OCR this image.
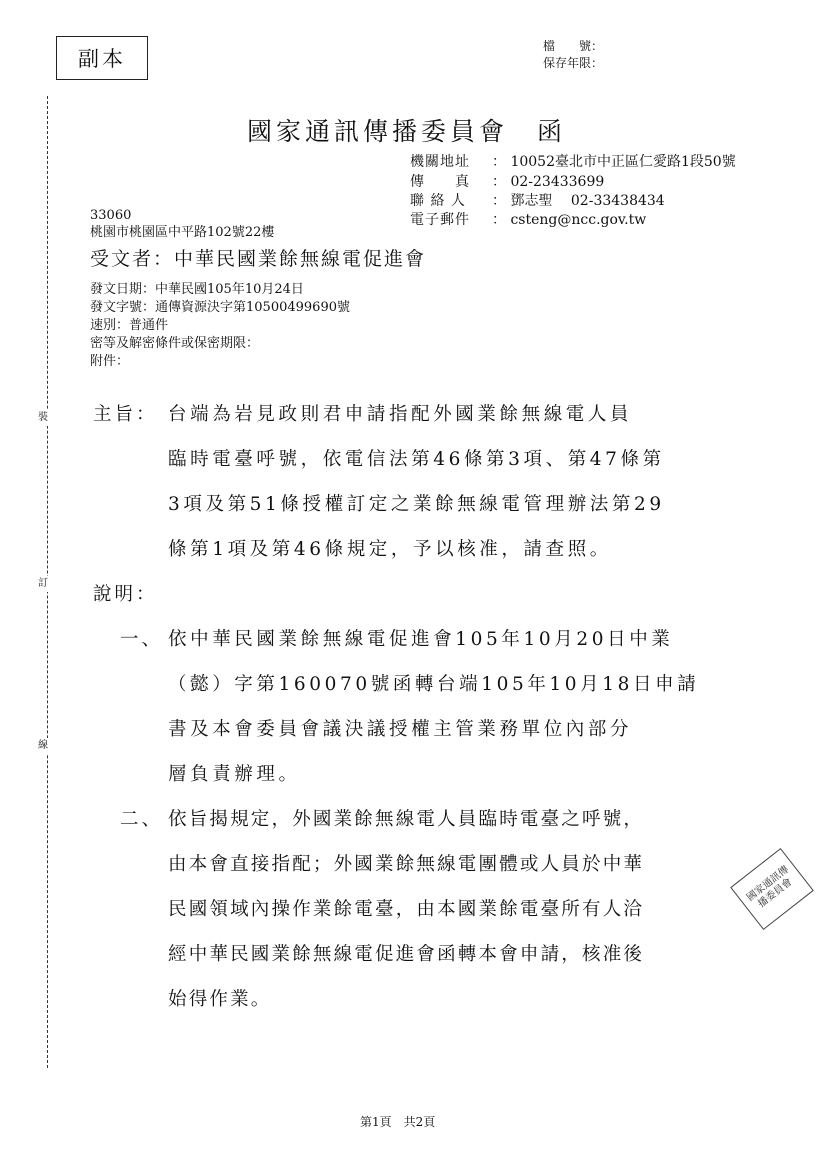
裝
訂
線
副本
檔　　號：
保存年限：
國家通訊傳播委員會　函
機關地址 ： 10052臺北市中正區仁愛路1段50號
傳　　真 ： 02-23433699
聯 絡 人 ： 鄧志聖　 02-33438434
電子郵件 ： csteng@ncc.gov.tw
33060
桃園市桃園區中平路102號22樓
受文者：中華民國業餘無線電促進會
發文日期：中華民國105年10月24日
發文字號：通傳資源決字第10500499690號
速別：普通件
密等及解密條件或保密期限：
附件：
主旨： 台端為岩見政則君申請指配外國業餘無線電人員
臨時電臺呼號，依電信法第46條第3項、第47條第
3項及第51條授權訂定之業餘無線電管理辦法第29
條第1項及第46條規定，予以核准，請查照。
說明：
一、 依中華民國業餘無線電促進會105年10月20日中業
（懿）字第160070號函轉台端105年10月18日申請
書及本會委員會議決議授權主管業務單位內部分
層負責辦理。
二、 依旨揭規定，外國業餘無線電人員臨時電臺之呼號，
由本會直接指配；外國業餘無線電團體或人員於中華
民國領域內操作業餘電臺，由本國業餘電臺所有人洽
經中華民國業餘無線電促進會函轉本會申請，核准後
始得作業。
國家通訊傳播委員會
第1頁　共2頁
